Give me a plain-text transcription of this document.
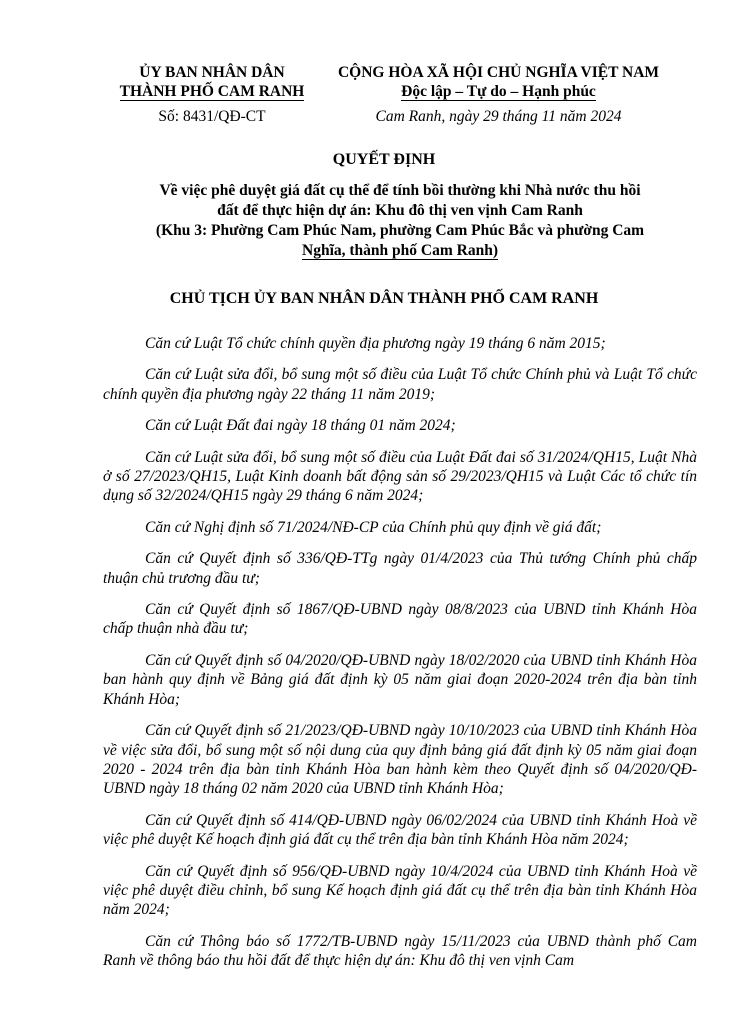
ỦY BAN NHÂN DÂN
THÀNH PHỐ CAM RANH
CỘNG HÒA XÃ HỘI CHỦ NGHĨA VIỆT NAM
Độc lập – Tự do – Hạnh phúc
Số: 8431/QĐ-CT	Cam Ranh, ngày 29 tháng 11 năm 2024
QUYẾT ĐỊNH
Về việc phê duyệt giá đất cụ thể để tính bồi thường khi Nhà nước thu hồi
đất để thực hiện dự án: Khu đô thị ven vịnh Cam Ranh
(Khu 3: Phường Cam Phúc Nam, phường Cam Phúc Bắc và phường Cam
Nghĩa, thành phố Cam Ranh)
CHỦ TỊCH ỦY BAN NHÂN DÂN THÀNH PHỐ CAM RANH

Căn cứ Luật Tổ chức chính quyền địa phương ngày 19 tháng 6 năm 2015;

Căn cứ Luật sửa đổi, bổ sung một số điều của Luật Tổ chức Chính phủ và Luật Tổ chức chính quyền địa phương ngày 22 tháng 11 năm 2019;

Căn cứ Luật Đất đai ngày 18 tháng 01 năm 2024;

Căn cứ Luật sửa đổi, bổ sung một số điều của Luật Đất đai số 31/2024/QH15, Luật Nhà ở số 27/2023/QH15, Luật Kinh doanh bất động sản số 29/2023/QH15 và Luật Các tổ chức tín dụng số 32/2024/QH15 ngày 29 tháng 6 năm 2024;

Căn cứ Nghị định số 71/2024/NĐ-CP của Chính phủ quy định về giá đất;

Căn cứ Quyết định số 336/QĐ-TTg ngày 01/4/2023 của Thủ tướng Chính phủ chấp thuận chủ trương đầu tư;

Căn cứ Quyết định số 1867/QĐ-UBND ngày 08/8/2023 của UBND tỉnh Khánh Hòa chấp thuận nhà đầu tư;

Căn cứ Quyết định số 04/2020/QĐ-UBND ngày 18/02/2020 của UBND tỉnh Khánh Hòa ban hành quy định về Bảng giá đất định kỳ 05 năm giai đoạn 2020-2024 trên địa bàn tỉnh Khánh Hòa;

Căn cứ Quyết định số 21/2023/QĐ-UBND ngày 10/10/2023 của UBND tỉnh Khánh Hòa về việc sửa đổi, bổ sung một số nội dung của quy định bảng giá đất định kỳ 05 năm giai đoạn 2020 - 2024 trên địa bàn tỉnh Khánh Hòa ban hành kèm theo Quyết định số 04/2020/QĐ-UBND ngày 18 tháng 02 năm 2020 của UBND tỉnh Khánh Hòa;

Căn cứ Quyết định số 414/QĐ-UBND ngày 06/02/2024 của UBND tỉnh Khánh Hoà về việc phê duyệt Kế hoạch định giá đất cụ thể trên địa bàn tỉnh Khánh Hòa năm 2024;

Căn cứ Quyết định số 956/QĐ-UBND ngày 10/4/2024 của UBND tỉnh Khánh Hoà về việc phê duyệt điều chỉnh, bổ sung Kế hoạch định giá đất cụ thể trên địa bàn tỉnh Khánh Hòa năm 2024;

Căn cứ Thông báo số 1772/TB-UBND ngày 15/11/2023 của UBND thành phố Cam Ranh về thông báo thu hồi đất để thực hiện dự án: Khu đô thị ven vịnh Cam
